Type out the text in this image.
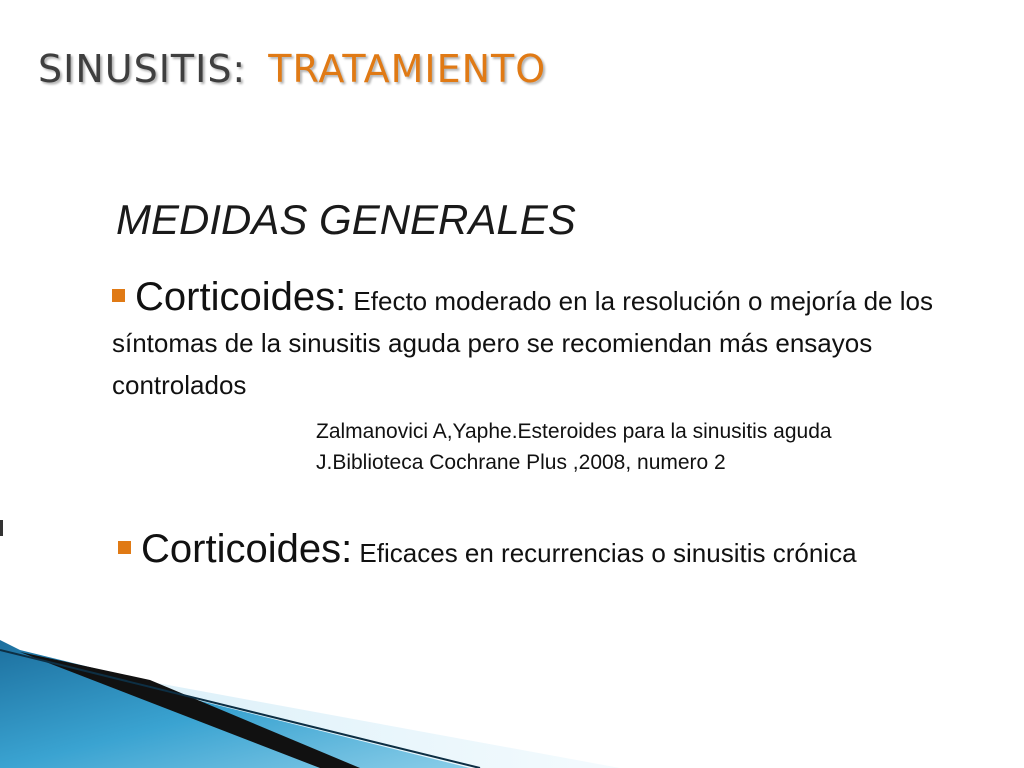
SINUSITIS: TRATAMIENTO
MEDIDAS GENERALES
Corticoides: Efecto moderado en la resolución o mejoría de los síntomas de la sinusitis aguda pero se recomiendan más ensayos controlados
Zalmanovici A,Yaphe.Esteroides para la sinusitis aguda J.Biblioteca Cochrane Plus ,2008, numero 2
Corticoides: Eficaces en recurrencias o sinusitis crónica
